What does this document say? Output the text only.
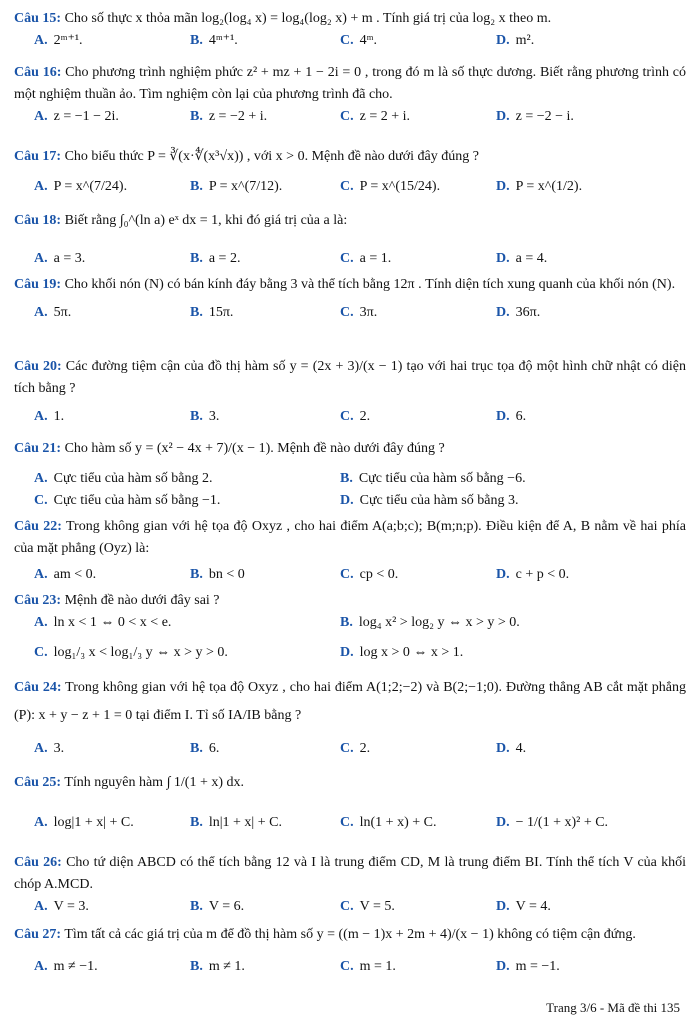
Câu 15: Cho số thực x thỏa mãn log₂(log₄ x) = log₄(log₂ x) + m . Tính giá trị của log₂ x theo m.
A. 2ᵐ⁺¹.	B. 4ᵐ⁺¹.	C. 4ᵐ.	D. m².
Câu 16: Cho phương trình nghiệm phức z² + mz + 1 − 2i = 0 , trong đó m là số thực dương. Biết rằng phương trình có một nghiệm thuần ảo. Tìm nghiệm còn lại của phương trình đã cho.
A. z = −1 − 2i.	B. z = −2 + i.	C. z = 2 + i.	D. z = −2 − i.
Câu 17: Cho biểu thức P = ∛(x·∜(x³√x)) , với x > 0. Mệnh đề nào dưới đây đúng ?
A. P = x^(7/24).	B. P = x^(7/12).	C. P = x^(15/24).	D. P = x^(1/2).
Câu 18: Biết rằng ∫₀^(ln a) eˣ dx = 1, khi đó giá trị của a là:
A. a = 3.	B. a = 2.	C. a = 1.	D. a = 4.
Câu 19: Cho khối nón (N) có bán kính đáy bằng 3 và thể tích bằng 12π . Tính diện tích xung quanh của khối nón (N).
A. 5π.	B. 15π.	C. 3π.	D. 36π.
Câu 20: Các đường tiệm cận của đồ thị hàm số y = (2x + 3)/(x − 1) tạo với hai trục tọa độ một hình chữ nhật có diện tích bằng ?
A. 1.	B. 3.	C. 2.	D. 6.
Câu 21: Cho hàm số y = (x² − 4x + 7)/(x − 1). Mệnh đề nào dưới đây đúng ?
A. Cực tiểu của hàm số bằng 2.	B. Cực tiểu của hàm số bằng −6.
C. Cực tiểu của hàm số bằng −1.	D. Cực tiểu của hàm số bằng 3.
Câu 22: Trong không gian với hệ tọa độ Oxyz , cho hai điểm A(a;b;c); B(m;n;p). Điều kiện để A, B nằm về hai phía của mặt phẳng (Oyz) là:
A. am < 0.	B. bn < 0	C. cp < 0.	D. c + p < 0.
Câu 23: Mệnh đề nào dưới đây sai ?
A. ln x < 1 ⇔ 0 < x < e.	B. log₄ x² > log₂ y ⇔ x > y > 0.
C. log₁/₃ x < log₁/₃ y ⇔ x > y > 0.	D. log x > 0 ⇔ x > 1.
Câu 24: Trong không gian với hệ tọa độ Oxyz , cho hai điểm A(1;2;−2) và B(2;−1;0). Đường thẳng AB cắt mặt phẳng (P): x + y − z + 1 = 0 tại điểm I. Tỉ số IA/IB bằng ?
A. 3.	B. 6.	C. 2.	D. 4.
Câu 25: Tính nguyên hàm ∫ 1/(1 + x) dx.
A. log|1 + x| + C.	B. ln|1 + x| + C.	C. ln(1 + x) + C.	D. − 1/(1 + x)² + C.
Câu 26: Cho tứ diện ABCD có thể tích bằng 12 và I là trung điểm CD, M là trung điểm BI. Tính thể tích V của khối chóp A.MCD.
A. V = 3.	B. V = 6.	C. V = 5.	D. V = 4.
Câu 27: Tìm tất cả các giá trị của m để đồ thị hàm số y = ((m − 1)x + 2m + 4)/(x − 1) không có tiệm cận đứng.
A. m ≠ −1.	B. m ≠ 1.	C. m = 1.	D. m = −1.
Trang 3/6 - Mã đề thi 135
